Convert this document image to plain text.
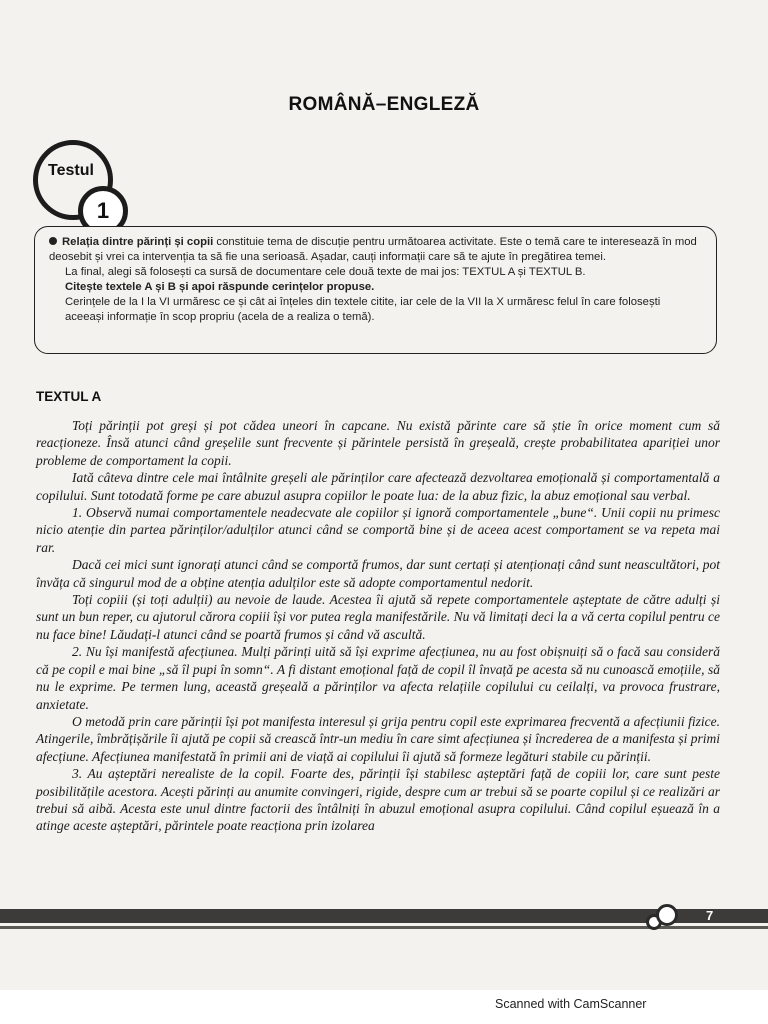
ROMÂNĂ–ENGLEZĂ
Testul
1

Relația dintre părinți și copii constituie tema de discuție pentru următoarea activitate. Este o temă care te interesează în mod deosebit și vrei ca intervenția ta să fie una serioasă. Așadar, cauți informații care să te ajute în pregătirea temei.

La final, alegi să folosești ca sursă de documentare cele două texte de mai jos: TEXTUL A și TEXTUL B.

Citește textele A și B și apoi răspunde cerințelor propuse.

Cerințele de la I la VI urmăresc ce și cât ai înțeles din textele citite, iar cele de la VII la X urmăresc felul în care folosești aceeași informație în scop propriu (acela de a realiza o temă).

TEXTUL A

Toți părinții pot greși și pot cădea uneori în capcane. Nu există părinte care să știe în orice moment cum să reacționeze. Însă atunci când greșelile sunt frecvente și părintele persistă în greșeală, crește probabilitatea apariției unor probleme de comportament la copii.

Iată câteva dintre cele mai întâlnite greșeli ale părinților care afectează dezvoltarea emoțională și comportamentală a copilului. Sunt totodată forme pe care abuzul asupra copiilor le poate lua: de la abuz fizic, la abuz emoțional sau verbal.

1. Observă numai comportamentele neadecvate ale copiilor și ignoră comportamentele „bune“. Unii copii nu primesc nicio atenție din partea părinților/adulților atunci când se comportă bine și de aceea acest comportament se va repeta mai rar.

Dacă cei mici sunt ignorați atunci când se comportă frumos, dar sunt certați și atenționați când sunt neascultători, pot învăța că singurul mod de a obține atenția adulților este să adopte comportamentul nedorit.

Toți copiii (și toți adulții) au nevoie de laude. Acestea îi ajută să repete comportamentele așteptate de către adulți și sunt un bun reper, cu ajutorul cărora copiii își vor putea regla manifestările. Nu vă limitați deci la a vă certa copilul pentru ce nu face bine! Lăudați-l atunci când se poartă frumos și când vă ascultă.

2. Nu își manifestă afecțiunea. Mulți părinți uită să își exprime afecțiunea, nu au fost obișnuiți să o facă sau consideră că pe copil e mai bine „să îl pupi în somn“. A fi distant emoțional față de copil îl învață pe acesta să nu cunoască emoțiile, să nu le exprime. Pe termen lung, această greșeală a părinților va afecta relațiile copilului cu ceilalți, va provoca frustrare, anxietate.

O metodă prin care părinții își pot manifesta interesul și grija pentru copil este exprimarea frecventă a afecțiunii fizice. Atingerile, îmbrățișările îi ajută pe copii să crească într-un mediu în care simt afecțiunea și încrederea de a manifesta și primi afecțiune. Afecțiunea manifestată în primii ani de viață ai copilului îi ajută să formeze legături stabile cu părinții.

3. Au așteptări nerealiste de la copil. Foarte des, părinții își stabilesc așteptări față de copiii lor, care sunt peste posibilitățile acestora. Acești părinți au anumite convingeri, rigide, despre cum ar trebui să se poarte copilul și ce realizări ar trebui să aibă. Acesta este unul dintre factorii des întâlniți în abuzul emoțional asupra copilului. Când copilul eșuează în a atinge aceste așteptări, părintele poate reacționa prin izolarea

7
Scanned with CamScanner
